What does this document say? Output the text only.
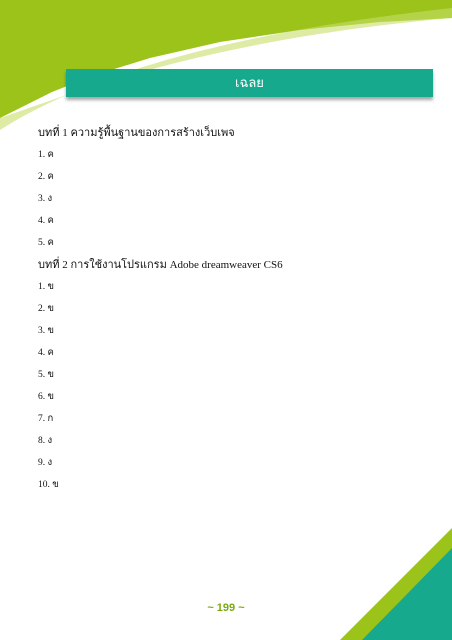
เฉลย
บทที่ 1 ความรู้พื้นฐานของการสร้างเว็บเพจ
1. ค
2. ค
3. ง
4. ค
5. ค
บทที่ 2 การใช้งานโปรแกรม Adobe dreamweaver CS6
1. ข
2. ข
3. ข
4. ค
5. ข
6. ข
7. ก
8. ง
9. ง
10. ข
~ 199 ~
